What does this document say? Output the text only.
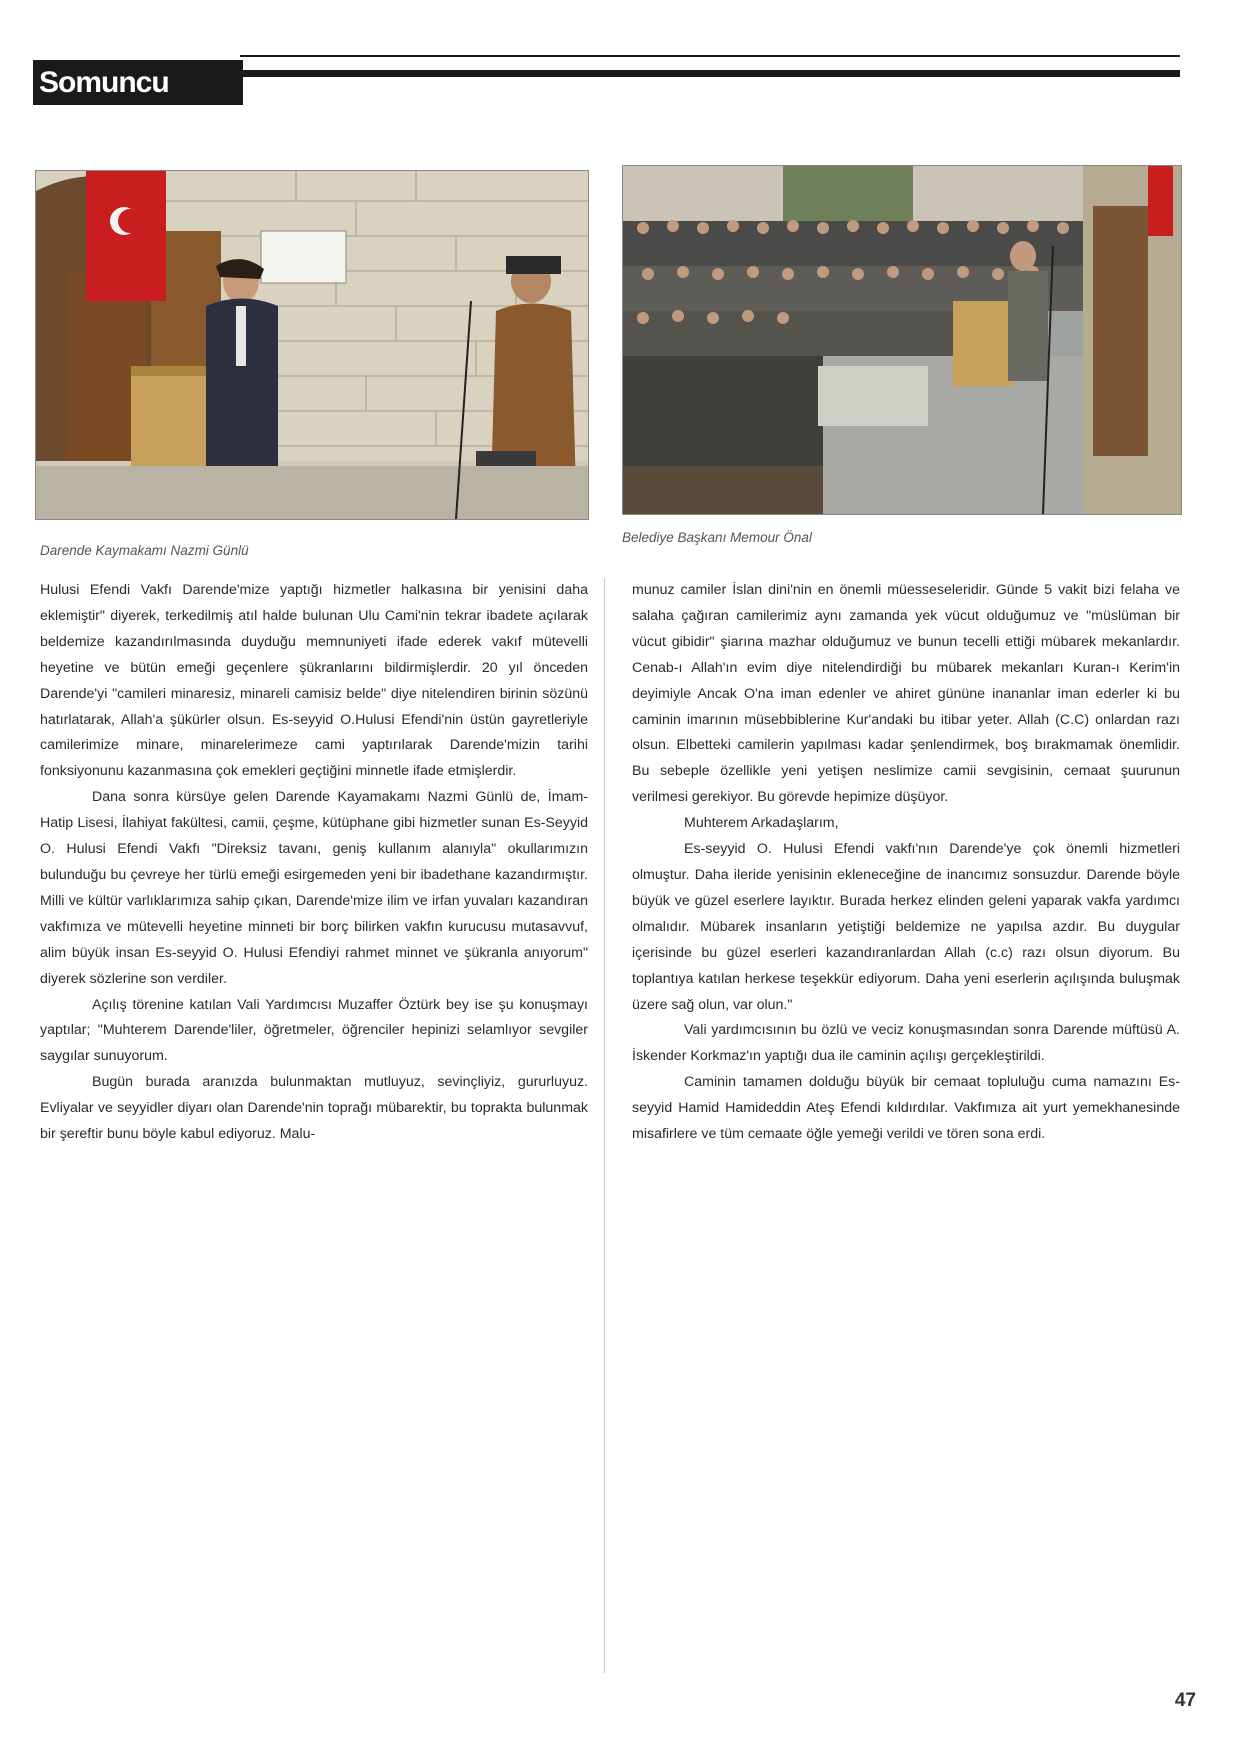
Somuncu Baba
Darende Kaymakamı Nazmi Günlü
Belediye Başkanı Memour Önal

Hulusi Efendi Vakfı Darende'mize yaptığı hizmetler halkasına bir yenisini daha eklemiştir" diyerek, terkedilmiş atıl halde bulunan Ulu Cami'nin tekrar ibadete açılarak beldemize kazandırılmasında duyduğu memnuniyeti ifade ederek vakıf mütevelli heyetine ve bütün emeği geçenlere şükranlarını bildirmişlerdir. 20 yıl önceden Darende'yi "camileri minaresiz, minareli camisiz belde" diye nitelendiren birinin sözünü hatırlatarak, Allah'a şükürler olsun. Es-seyyid O.Hulusi Efendi'nin üstün gayretleriyle camilerimize minare, minarelerimeze cami yaptırılarak Darende'mizin tarihi fonksiyonunu kazanmasına çok emekleri geçtiğini minnetle ifade etmişlerdir.

Dana sonra kürsüye gelen Darende Kayamakamı Nazmi Günlü de, İmam-Hatip Lisesi, İlahiyat fakültesi, camii, çeşme, kütüphane gibi hizmetler sunan Es-Seyyid O. Hulusi Efendi Vakfı "Direksiz tavanı, geniş kullanım alanıyla" okullarımızın bulunduğu bu çevreye her türlü emeği esirgemeden yeni bir ibadethane kazandırmıştır. Milli ve kültür varlıklarımıza sahip çıkan, Darende'mize ilim ve irfan yuvaları kazandıran vakfımıza ve mütevelli heyetine minneti bir borç bilirken vakfın kurucusu mutasavvuf, alim büyük insan Es-seyyid O. Hulusi Efendiyi rahmet minnet ve şükranla anıyorum" diyerek sözlerine son verdiler.

Açılış törenine katılan Vali Yardımcısı Muzaffer Öztürk bey ise şu konuşmayı yaptılar; "Muhterem Darende'liler, öğretmeler, öğrenciler hepinizi selamlıyor sevgiler saygılar sunuyorum.

Bugün burada aranızda bulunmaktan mutluyuz, sevinçliyiz, gururluyuz. Evliyalar ve seyyidler diyarı olan Darende'nin toprağı mübarektir, bu toprakta bulunmak bir şereftir bunu böyle kabul ediyoruz. Malu-

munuz camiler İslan dini'nin en önemli müesseseleridir. Günde 5 vakit bizi felaha ve salaha çağıran camilerimiz aynı zamanda yek vücut olduğumuz ve "müslüman bir vücut gibidir" şiarına mazhar olduğumuz ve bunun tecelli ettiği mübarek mekanlardır. Cenab-ı Allah'ın evim diye nitelendirdiği bu mübarek mekanları Kuran-ı Kerim'in deyimiyle Ancak O'na iman edenler ve ahiret gününe inananlar iman ederler ki bu caminin imarının müsebbiblerine Kur'andaki bu itibar yeter. Allah (C.C) onlardan razı olsun. Elbetteki camilerin yapılması kadar şenlendirmek, boş bırakmamak önemlidir. Bu sebeple özellikle yeni yetişen neslimize camii sevgisinin, cemaat şuurunun verilmesi gerekiyor. Bu görevde hepimize düşüyor.

Muhterem Arkadaşlarım,

Es-seyyid O. Hulusi Efendi vakfı'nın Darende'ye çok önemli hizmetleri olmuştur. Daha ileride yenisinin ekleneceğine de inancımız sonsuzdur. Darende böyle büyük ve güzel eserlere layıktır. Burada herkez elinden geleni yaparak vakfa yardımcı olmalıdır. Mübarek insanların yetiştiği beldemize ne yapılsa azdır. Bu duygular içerisinde bu güzel eserleri kazandıranlardan Allah (c.c) razı olsun diyorum. Bu toplantıya katılan herkese teşekkür ediyorum. Daha yeni eserlerin açılışında buluşmak üzere sağ olun, var olun."

Vali yardımcısının bu özlü ve veciz konuşmasından sonra Darende müftüsü A. İskender Korkmaz'ın yaptığı dua ile caminin açılışı gerçekleştirildi.

Caminin tamamen dolduğu büyük bir cemaat topluluğu cuma namazını Es-seyyid Hamid Hamideddin Ateş Efendi kıldırdılar. Vakfımıza ait yurt yemekhanesinde misafirlere ve tüm cemaate öğle yemeği verildi ve tören sona erdi.

47
